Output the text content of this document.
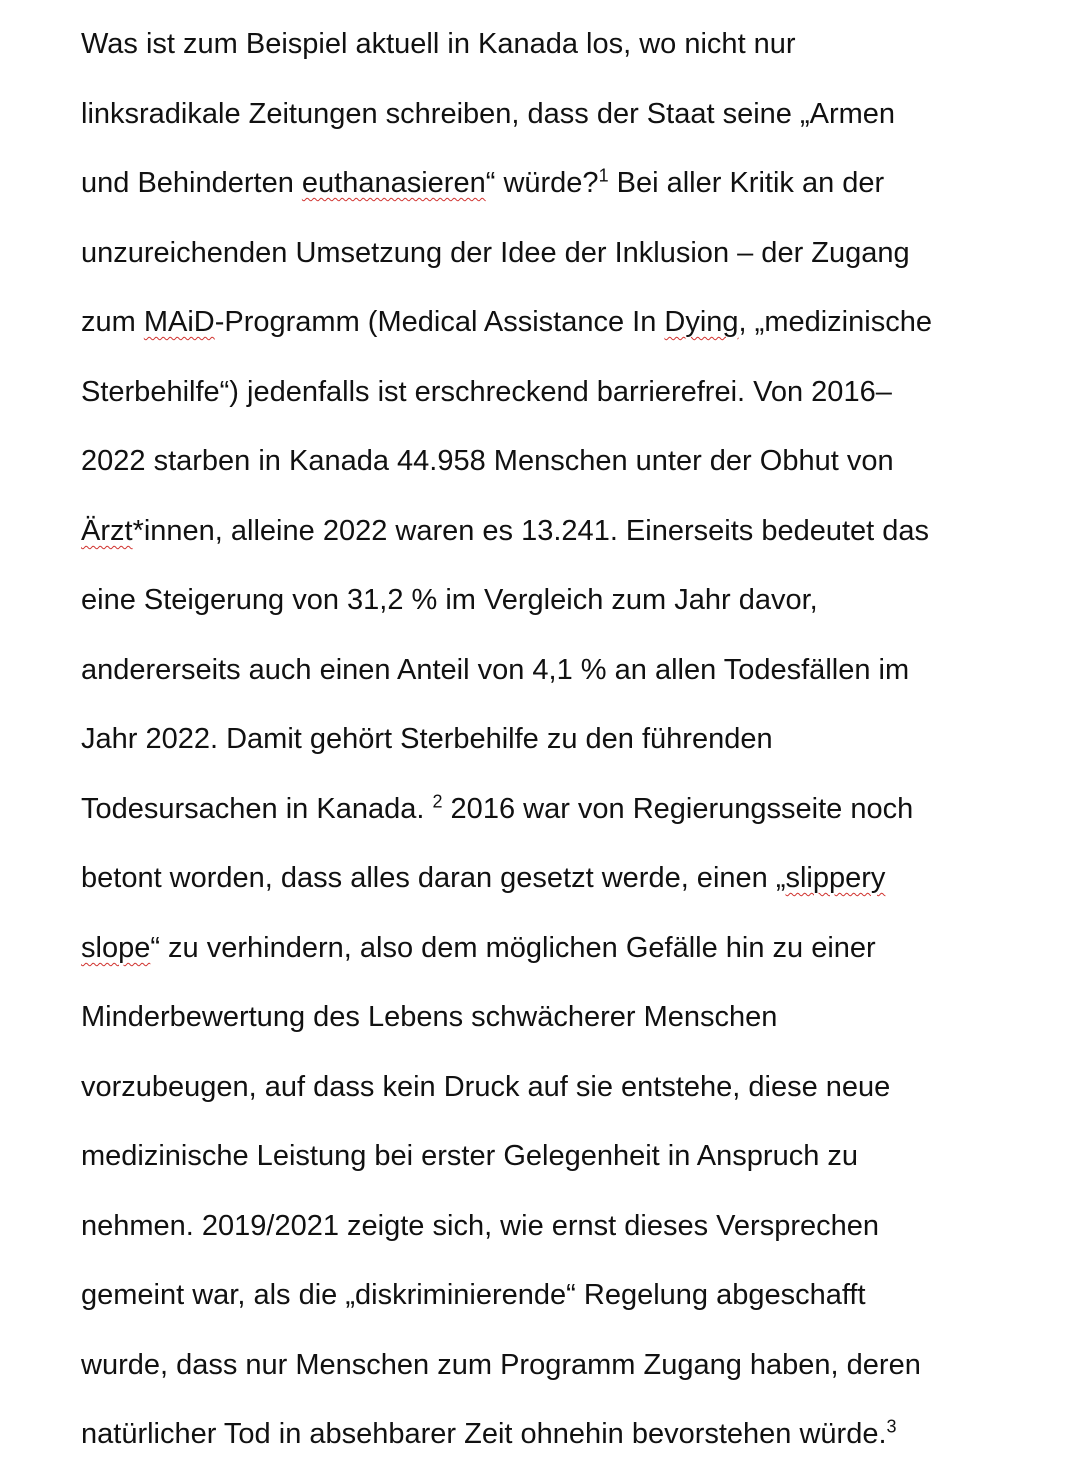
Was ist zum Beispiel aktuell in Kanada los, wo nicht nur
linksradikale Zeitungen schreiben, dass der Staat seine „Armen
und Behinderten euthanasieren“ würde?$^1$ Bei aller Kritik an der
unzureichenden Umsetzung der Idee der Inklusion – der Zugang
zum MAiD-Programm (Medical Assistance In Dying, „medizinische
Sterbehilfe“) jedenfalls ist erschreckend barrierefrei. Von 2016–
2022 starben in Kanada 44.958 Menschen unter der Obhut von
Ärzt*innen, alleine 2022 waren es 13.241. Einerseits bedeutet das
eine Steigerung von 31,2 % im Vergleich zum Jahr davor,
andererseits auch einen Anteil von 4,1 % an allen Todesfällen im
Jahr 2022. Damit gehört Sterbehilfe zu den führenden
Todesursachen in Kanada. $^2$ 2016 war von Regierungsseite noch
betont worden, dass alles daran gesetzt werde, einen „slippery
slope“ zu verhindern, also dem möglichen Gefälle hin zu einer
Minderbewertung des Lebens schwächerer Menschen
vorzubeugen, auf dass kein Druck auf sie entstehe, diese neue
medizinische Leistung bei erster Gelegenheit in Anspruch zu
nehmen. 2019/2021 zeigte sich, wie ernst dieses Versprechen
gemeint war, als die „diskriminierende“ Regelung abgeschafft
wurde, dass nur Menschen zum Programm Zugang haben, deren
natürlicher Tod in absehbarer Zeit ohnehin bevorstehen würde.$^3$
